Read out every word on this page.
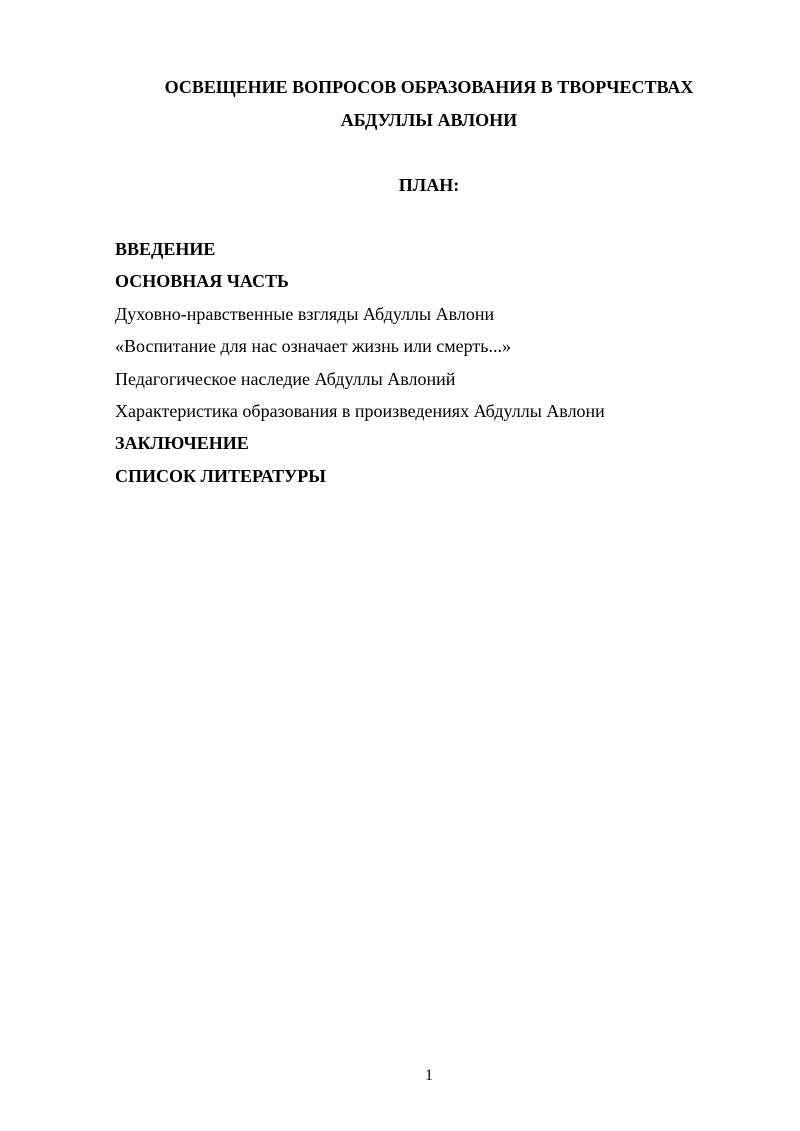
ОСВЕЩЕНИЕ ВОПРОСОВ ОБРАЗОВАНИЯ В ТВОРЧЕСТВАХ
АБДУЛЛЫ АВЛОНИ
ПЛАН:
ВВЕДЕНИЕ
ОСНОВНАЯ ЧАСТЬ
Духовно-нравственные взгляды Абдуллы Авлони
«Воспитание для нас означает жизнь или смерть...»
Педагогическое наследие Абдуллы Авлоний
Характеристика образования в произведениях Абдуллы Авлони
ЗАКЛЮЧЕНИЕ
СПИСОК ЛИТЕРАТУРЫ
1
